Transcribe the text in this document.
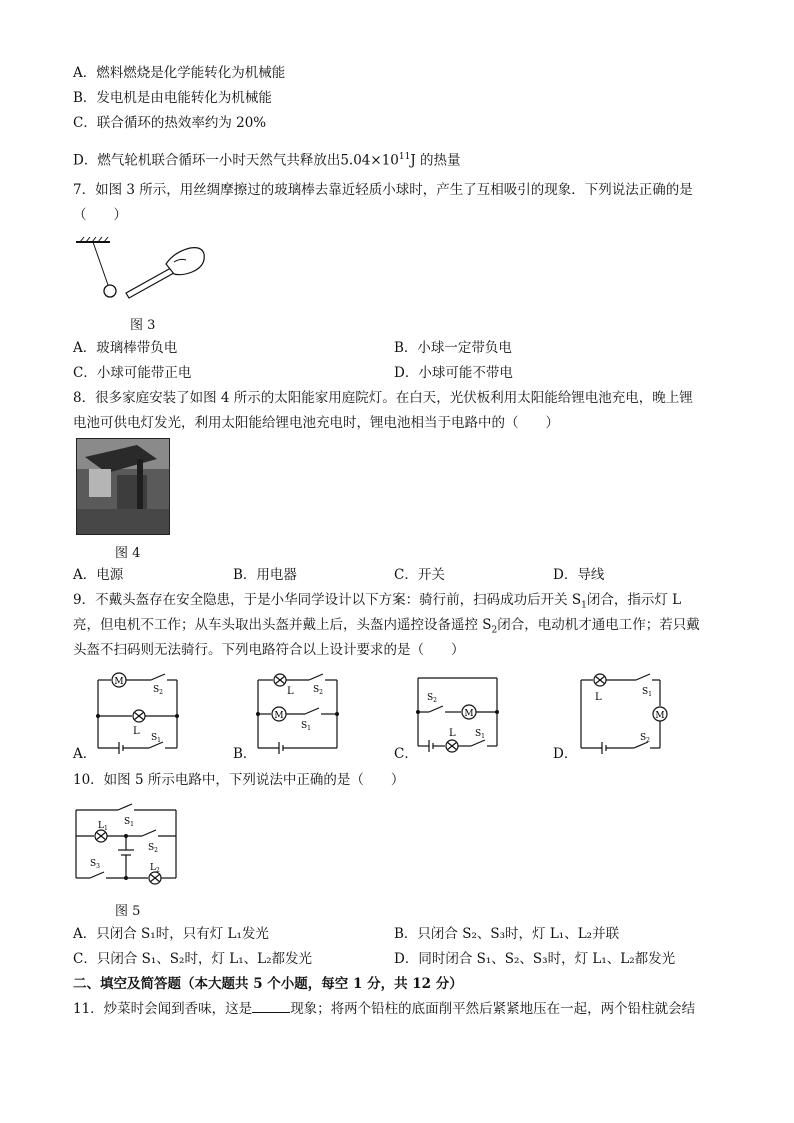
A．燃料燃烧是化学能转化为机械能
B．发电机是由电能转化为机械能
C．联合循环的热效率约为 20%
D．燃气轮机联合循环一小时天然气共释放出$5.04\times 10^{11}J$ 的热量
7．如图 3 所示，用丝绸摩擦过的玻璃棒去靠近轻质小球时，产生了互相吸引的现象．下列说法正确的是
（　　）
图 3
A．玻璃棒带负电	B．小球一定带负电
C．小球可能带正电	D．小球可能不带电
8．很多家庭安装了如图 4 所示的太阳能家用庭院灯。在白天，光伏板利用太阳能给锂电池充电，晚上锂
电池可供电灯发光，利用太阳能给锂电池充电时，锂电池相当于电路中的（　　）
图 4
A．电源	B．用电器	C．开关	D．导线
9．不戴头盔存在安全隐患，于是小华同学设计以下方案：骑行前，扫码成功后开关 $S_1$闭合，指示灯 L
亮，但电机不工作；从车头取出头盔并戴上后，头盔内遥控设备遥控 $S_2$闭合，电动机才通电工作；若只戴
头盔不扫码则无法骑行。下列电路符合以上设计要求的是（　　）
M
L
$S_2$
$S_1$
A．
M
L $S_2$
$S_1$
B．
M
L
$S_2$
$S_1$
C．
M
L	$S_1$
$S_2$
D．
10．如图 5 所示电路中，下列说法中正确的是（　　）
$L_1$
$L_2$
$S_1$
$S_2$
$S_3$
图 5
A．只闭合 S₁时，只有灯 L₁发光	B．只闭合 S₂、S₃时，灯 L₁、L₂并联
C．只闭合 S₁、S₂时，灯 L₁、L₂都发光	D．同时闭合 S₁、S₂、S₃时，灯 L₁、L₂都发光
二、填空及简答题（本大题共 5 个小题，每空 1 分，共 12 分）
11．炒菜时会闻到香味，这是	现象；将两个铅柱的底面削平然后紧紧地压在一起，两个铅柱就会结
